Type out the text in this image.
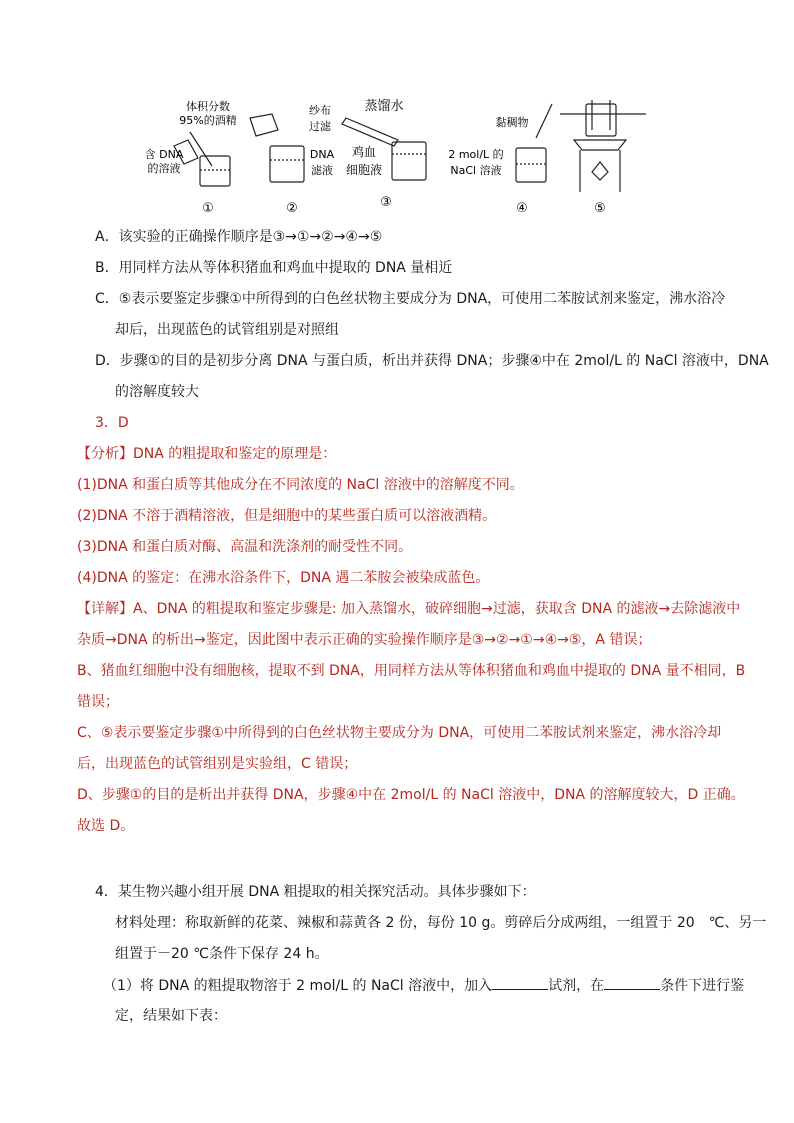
体积分数
95%的酒精
含 DNA
的溶液
①
纱布
过滤
DNA
滤液
②
蒸馏水
鸡血
细胞液
③
黏稠物
2 mol/L 的
NaCl 溶液
④	⑤
A．该实验的正确操作顺序是③→①→②→④→⑤
B．用同样方法从等体积猪血和鸡血中提取的 DNA 量相近
C．⑤表示要鉴定步骤①中所得到的白色丝状物主要成分为 DNA，可使用二苯胺试剂来鉴定，沸水浴冷
却后，出现蓝色的试管组别是对照组
D．步骤①的目的是初步分离 DNA 与蛋白质，析出并获得 DNA；步骤④中在 2mol/L 的 NaCl 溶液中，DNA
的溶解度较大
3．D
【分析】DNA 的粗提取和鉴定的原理是：
(1)DNA 和蛋白质等其他成分在不同浓度的 NaCl 溶液中的溶解度不同。
(2)DNA 不溶于酒精溶液，但是细胞中的某些蛋白质可以溶液酒精。
(3)DNA 和蛋白质对酶、高温和洗涤剂的耐受性不同。
(4)DNA 的鉴定：在沸水浴条件下，DNA 遇二苯胺会被染成蓝色。
【详解】A、DNA 的粗提取和鉴定步骤是: 加入蒸馏水，破碎细胞→过滤，获取含 DNA 的滤液→去除滤液中
杂质→DNA 的析出→鉴定，因此图中表示正确的实验操作顺序是③→②→①→④→⑤，A 错误；
B、猪血红细胞中没有细胞核，提取不到 DNA，用同样方法从等体积猪血和鸡血中提取的 DNA 量不相同，B
错误；
C、⑤表示要鉴定步骤①中所得到的白色丝状物主要成分为 DNA，可使用二苯胺试剂来鉴定，沸水浴冷却
后，出现蓝色的试管组别是实验组，C 错误；
D、步骤①的目的是析出并获得 DNA，步骤④中在 2mol/L 的 NaCl 溶液中，DNA 的溶解度较大，D 正确。
故选 D。
4．某生物兴趣小组开展 DNA 粗提取的相关探究活动。具体步骤如下：
材料处理：称取新鲜的花菜、辣椒和蒜黄各 2 份，每份 10 g。剪碎后分成两组，一组置于 20　℃、另一
组置于－20 ℃条件下保存 24 h。
（1）将 DNA 的粗提取物溶于 2 mol/L 的 NaCl 溶液中，加入	试剂，在	条件下进行鉴
定，结果如下表：
